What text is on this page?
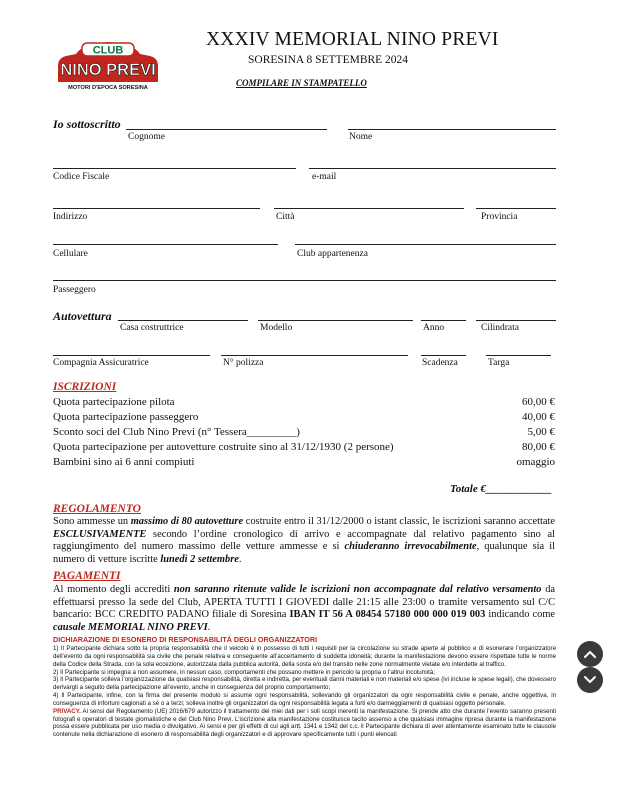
CLUB
NINO PREVI
MOTORI D'EPOCA SORESINA
XXXIV MEMORIAL NINO PREVI
SORESINA 8 SETTEMBRE 2024
COMPILARE IN STAMPATELLO
Io sottoscritto
Cognome	Nome
Codice Fiscale	e-mail
Indirizzo	Città	Provincia
Cellulare	Club appartenenza
Passeggero
Autovettura
Casa costruttrice	Modello	Anno	Cilindrata
Compagnia Assicuratrice	N° polizza	Scadenza	Targa
ISCRIZIONI
Quota partecipazione pilota	60,00 €
Quota partecipazione passeggero	40,00 €
Sconto soci del Club Nino Previ (n° Tessera_________)	5,00 €
Quota partecipazione per autovetture costruite sino al 31/12/1930 (2 persone)	80,00 €
Bambini sino ai 6 anni compiuti	omaggio
Totale €____________
REGOLAMENTO
Sono ammesse un massimo di 80 autovetture costruite entro il 31/12/2000 o istant classic, le iscrizioni saranno accettate ESCLUSIVAMENTE secondo l’ordine cronologico di arrivo e accompagnate dal relativo pagamento sino al raggiungimento del numero massimo delle vetture ammesse e si chiuderanno irrevocabilmente, qualunque sia il numero di vetture iscritte lunedì 2 settembre.
PAGAMENTI
Al momento degli accrediti non saranno ritenute valide le iscrizioni non accompagnate dal relativo versamento da effettuarsi presso la sede del Club, APERTA TUTTI I GIOVEDI dalle 21:15 alle 23:00 o tramite versamento sul C/C bancario: BCC CREDITO PADANO filiale di Soresina IBAN IT 56 A 08454 57180 000 000 019 003 indicando come causale MEMORIAL NINO PREVI.
DICHIARAZIONE DI ESONERO DI RESPONSABILITÀ DEGLI ORGANIZZATORI

1) Il Partecipante dichiara sotto la propria responsabilità che il veicolo è in possesso di tutti i requisiti per la circolazione su strade aperte al pubblico e di esonerare l’organizzatore dell’evento da ogni responsabilità sia civile che penale relativa e conseguente all’accertamento di suddetta idoneità; durante la manifestazione devono essere rispettate tutte le norme della Codice della Strada, con la sola eccezione, autorizzata dalla pubblica autorità, della sosta e/o del transito nelle zone normalmente vietate e/o interdette al traffico.

2) Il Partecipante si impegna a non assumere, in nessun caso, comportamenti che possano mettere in pericolo la propria o l’altrui incolumità;

3) Il Partecipante solleva l’organizzazione da qualsiasi responsabilità, diretta e indiretta, per eventuali danni materiali e non materiali e/o spese (ivi incluse le spese legali), che dovessero derivargli a seguito della partecipazione all’evento, anche in conseguenza del proprio comportamento;

4) Il Partecipante, infine, con la firma del presente modulo si assume ogni responsabilità, sollevando gli organizzatori da ogni responsabilità civile e penale, anche oggettiva, in conseguenza di infortuni cagionati a sé o a terzi; solleva inoltre gli organizzatori da ogni responsabilità legata a furti e/o danneggiamenti di qualsiasi oggetto personale.

PRIVACY. Ai sensi del Regolamento (UE) 2016/679 autorizzo il trattamento dei miei dati per i soli scopi inerenti la manifestazione. Si prende atto che durante l’evento saranno presenti fotografi e operatori di testate giornalistiche e del Club Nino Previ. L’iscrizione alla manifestazione costituisce tacito assenso a che qualsiasi immagine ripresa durante la manifestazione possa essere pubblicata per uso media o divulgativo. Ai sensi e per gli effetti di cui agli artt. 1341 e 1342 del c.c. il Partecipante dichiara di aver attentamente esaminato tutte le clausole contenute nella dichiarazione di esonero di responsabilità degli organizzatori e di approvare specificamente tutti i punti elencati
